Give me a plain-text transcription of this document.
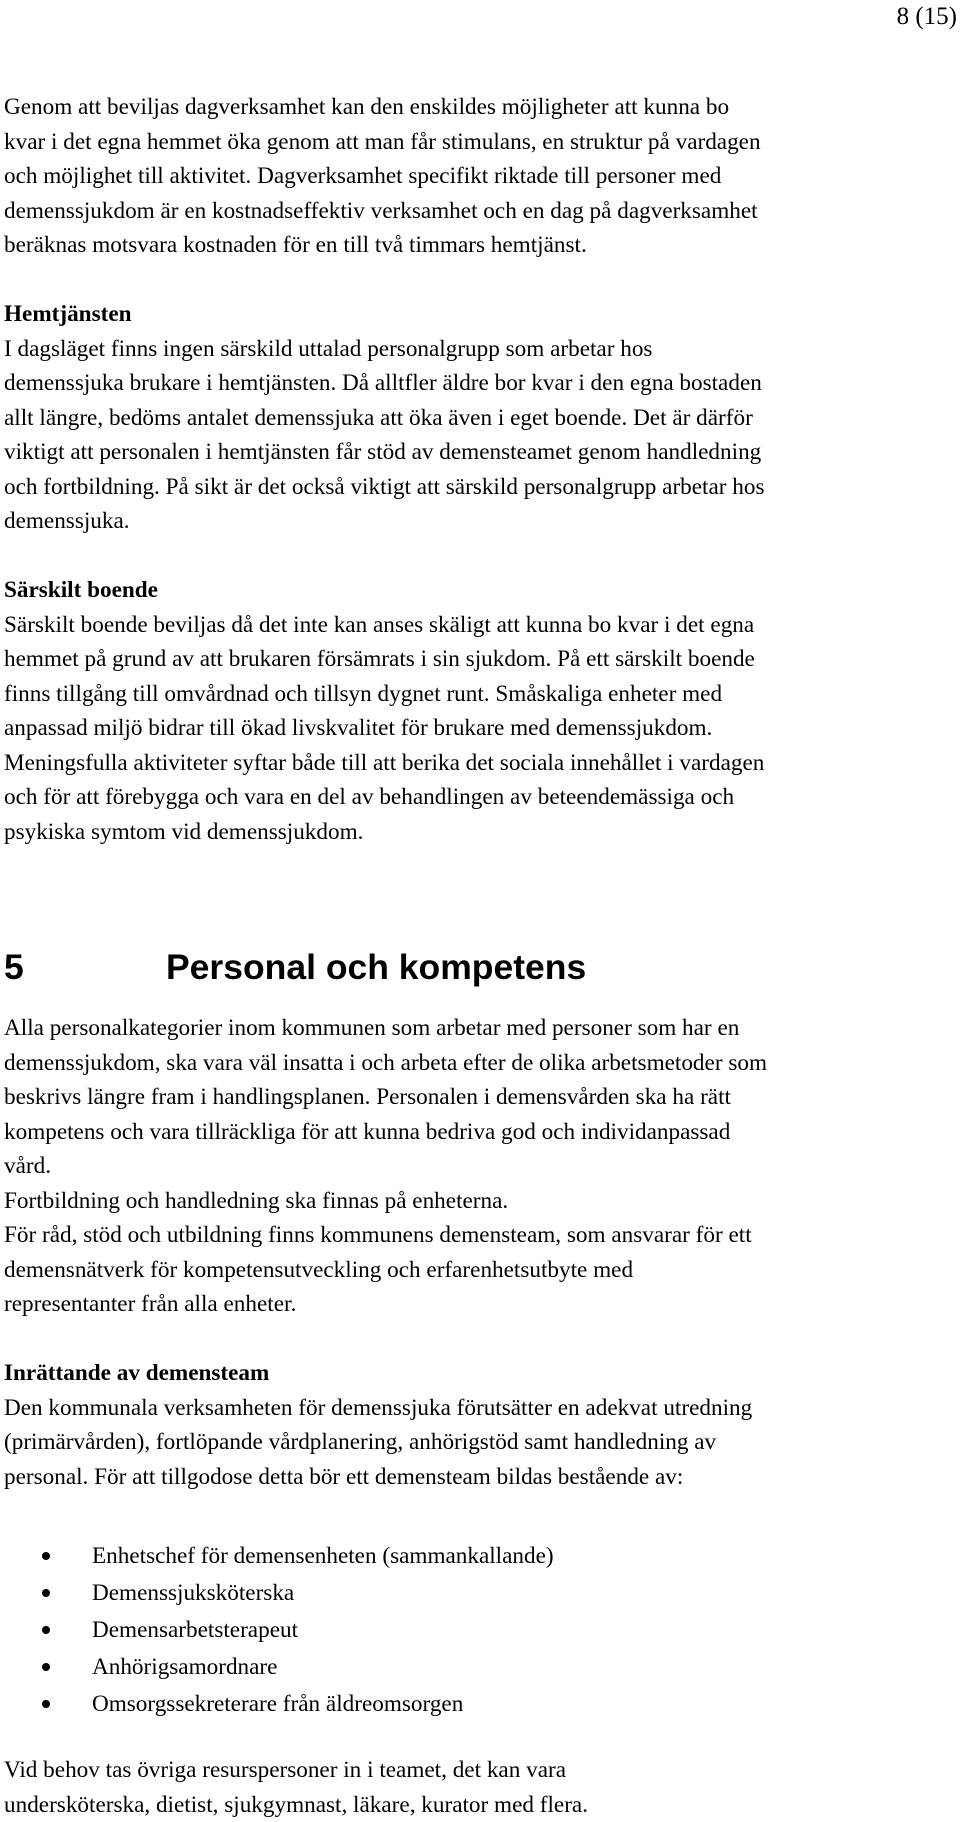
8 (15)

Genom att beviljas dagverksamhet kan den enskildes möjligheter att kunna bo

kvar i det egna hemmet öka genom att man får stimulans, en struktur på vardagen

och möjlighet till aktivitet. Dagverksamhet specifikt riktade till personer med

demenssjukdom är en kostnadseffektiv verksamhet och en dag på dagverksamhet

beräknas motsvara kostnaden för en till två timmars hemtjänst.

Hemtjänsten

I dagsläget finns ingen särskild uttalad personalgrupp som arbetar hos

demenssjuka brukare i hemtjänsten. Då alltfler äldre bor kvar i den egna bostaden

allt längre, bedöms antalet demenssjuka att öka även i eget boende. Det är därför

viktigt att personalen i hemtjänsten får stöd av demensteamet genom handledning

och fortbildning. På sikt är det också viktigt att särskild personalgrupp arbetar hos

demenssjuka.

Särskilt boende

Särskilt boende beviljas då det inte kan anses skäligt att kunna bo kvar i det egna

hemmet på grund av att brukaren försämrats i sin sjukdom. På ett särskilt boende

finns tillgång till omvårdnad och tillsyn dygnet runt. Småskaliga enheter med

anpassad miljö bidrar till ökad livskvalitet för brukare med demenssjukdom.

Meningsfulla aktiviteter syftar både till att berika det sociala innehållet i vardagen

och för att förebygga och vara en del av behandlingen av beteendemässiga och

psykiska symtom vid demenssjukdom.

5	Personal och kompetens

Alla personalkategorier inom kommunen som arbetar med personer som har en

demenssjukdom, ska vara väl insatta i och arbeta efter de olika arbetsmetoder som

beskrivs längre fram i handlingsplanen. Personalen i demensvården ska ha rätt

kompetens och vara tillräckliga för att kunna bedriva god och individanpassad

vård.

Fortbildning och handledning ska finnas på enheterna.

För råd, stöd och utbildning finns kommunens demensteam, som ansvarar för ett

demensnätverk för kompetensutveckling och erfarenhetsutbyte med

representanter från alla enheter.

Inrättande av demensteam

Den kommunala verksamheten för demenssjuka förutsätter en adekvat utredning

(primärvården), fortlöpande vårdplanering, anhörigstöd samt handledning av

personal. För att tillgodose detta bör ett demensteam bildas bestående av:

Enhetschef för demensenheten (sammankallande)
Demenssjuksköterska
Demensarbetsterapeut
Anhörigsamordnare
Omsorgssekreterare från äldreomsorgen

Vid behov tas övriga resurspersoner in i teamet, det kan vara

undersköterska, dietist, sjukgymnast, läkare, kurator med flera.
